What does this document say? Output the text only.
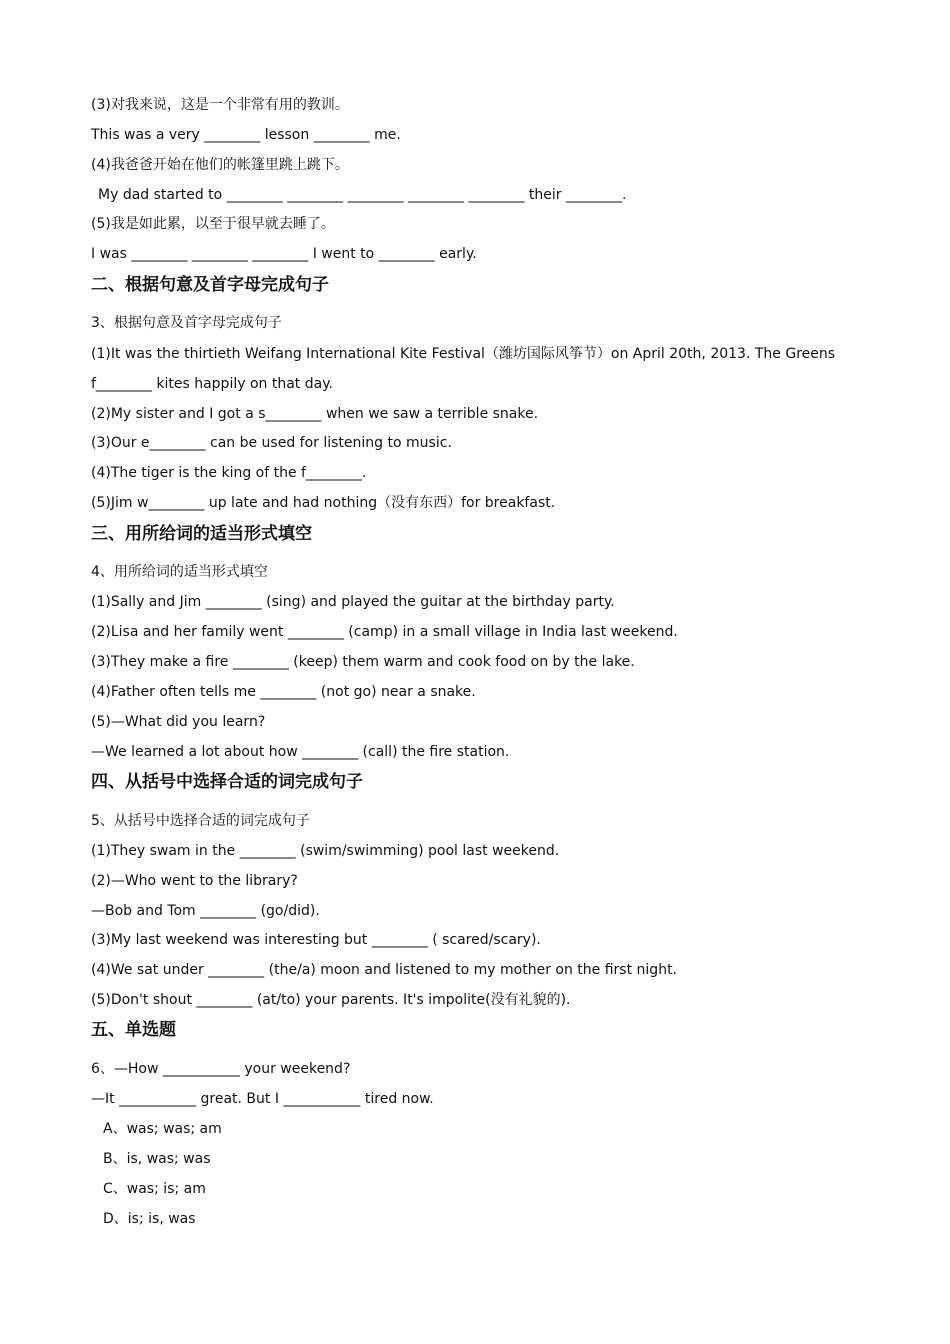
(3)对我来说，这是一个非常有用的教训。
This was a very ________ lesson ________ me.
(4)我爸爸开始在他们的帐篷里跳上跳下。
My dad started to ________ ________ ________ ________ ________ their ________.
(5)我是如此累，以至于很早就去睡了。
I was ________ ________ ________ I went to ________ early.
二、根据句意及首字母完成句子
3、根据句意及首字母完成句子
(1)It was the thirtieth Weifang International Kite Festival（潍坊国际风筝节）on April 20th, 2013. The Greens
f________ kites happily on that day.
(2)My sister and I got a s________ when we saw a terrible snake.
(3)Our e________ can be used for listening to music.
(4)The tiger is the king of the f________.
(5)Jim w________ up late and had nothing（没有东西）for breakfast.
三、用所给词的适当形式填空
4、用所给词的适当形式填空
(1)Sally and Jim ________ (sing) and played the guitar at the birthday party.
(2)Lisa and her family went ________ (camp) in a small village in India last weekend.
(3)They make a fire ________ (keep) them warm and cook food on by the lake.
(4)Father often tells me ________ (not go) near a snake.
(5)—What did you learn?
—We learned a lot about how ________ (call) the fire station.
四、从括号中选择合适的词完成句子
5、从括号中选择合适的词完成句子
(1)They swam in the ________ (swim/swimming) pool last weekend.
(2)—Who went to the library?
—Bob and Tom ________ (go/did).
(3)My last weekend was interesting but ________ ( scared/scary).
(4)We sat under ________ (the/a) moon and listened to my mother on the first night.
(5)Don't shout ________ (at/to) your parents. It's impolite(没有礼貌的).
五、单选题
6、—How ___________ your weekend?
—It ___________ great. But I ___________ tired now.
A、was; was; am
B、is, was; was
C、was; is; am
D、is; is, was
